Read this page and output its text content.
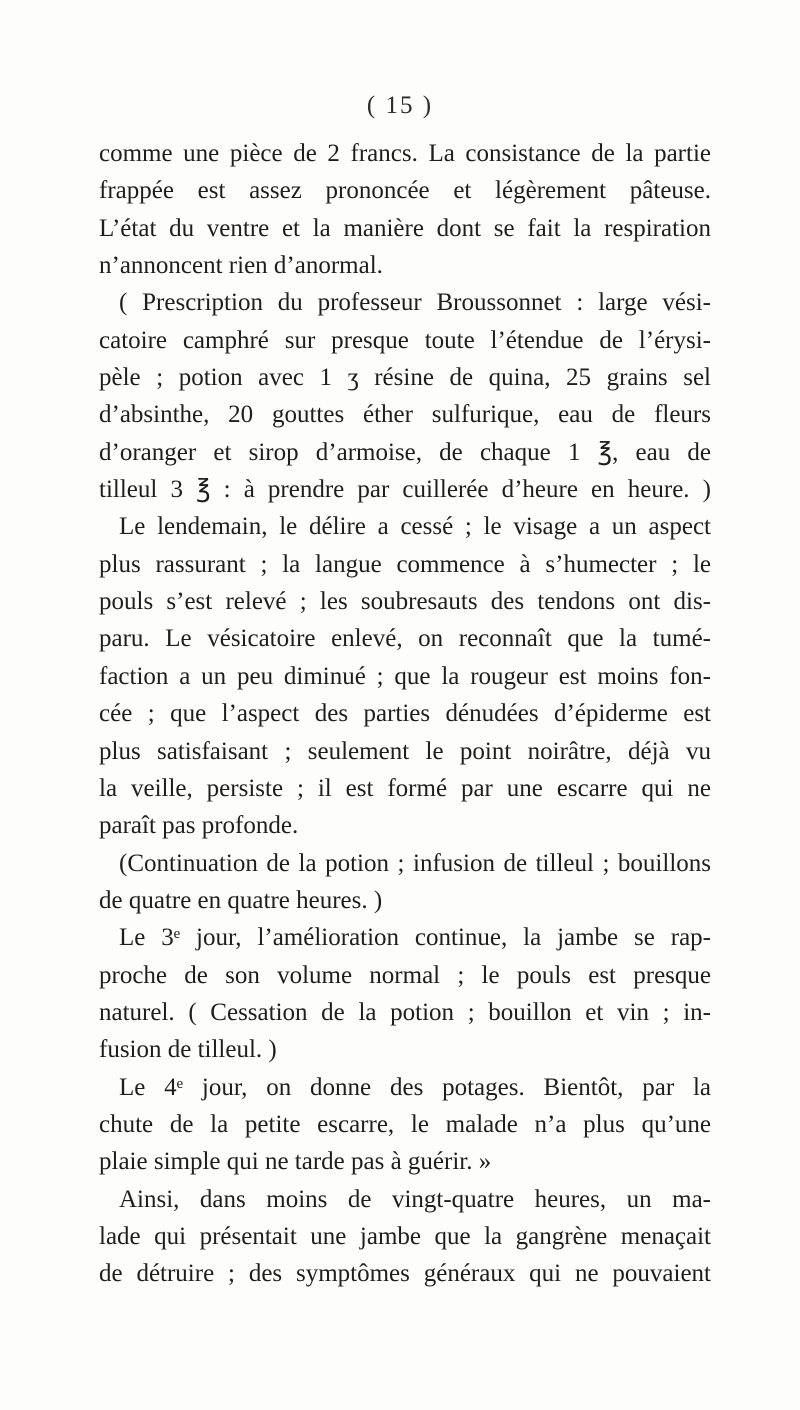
( 15 )
comme une pièce de 2 francs. La consistance de la partie
frappée est assez prononcée et légèrement pâteuse.
L’état du ventre et la manière dont se fait la respiration
n’annoncent rien d’anormal.
( Prescription du professeur Broussonnet : large vési-
catoire camphré sur presque toute l’étendue de l’érysi-
pèle ; potion avec 1 ʒ résine de quina, 25 grains sel
d’absinthe, 20 gouttes éther sulfurique, eau de fleurs
d’oranger et sirop d’armoise, de chaque 1 ℥, eau de
tilleul 3 ℥ : à prendre par cuillerée d’heure en heure. )
Le lendemain, le délire a cessé ; le visage a un aspect
plus rassurant ; la langue commence à s’humecter ; le
pouls s’est relevé ; les soubresauts des tendons ont dis-
paru. Le vésicatoire enlevé, on reconnaît que la tumé-
faction a un peu diminué ; que la rougeur est moins fon-
cée ; que l’aspect des parties dénudées d’épiderme est
plus satisfaisant ; seulement le point noirâtre, déjà vu
la veille, persiste ; il est formé par une escarre qui ne
paraît pas profonde.
(Continuation de la potion ; infusion de tilleul ; bouillons
de quatre en quatre heures. )
Le 3ᵉ jour, l’amélioration continue, la jambe se rap-
proche de son volume normal ; le pouls est presque
naturel. ( Cessation de la potion ; bouillon et vin ; in-
fusion de tilleul. )
Le 4ᵉ jour, on donne des potages. Bientôt, par la
chute de la petite escarre, le malade n’a plus qu’une
plaie simple qui ne tarde pas à guérir. »
Ainsi, dans moins de vingt-quatre heures, un ma-
lade qui présentait une jambe que la gangrène menaçait
de détruire ; des symptômes généraux qui ne pouvaient
